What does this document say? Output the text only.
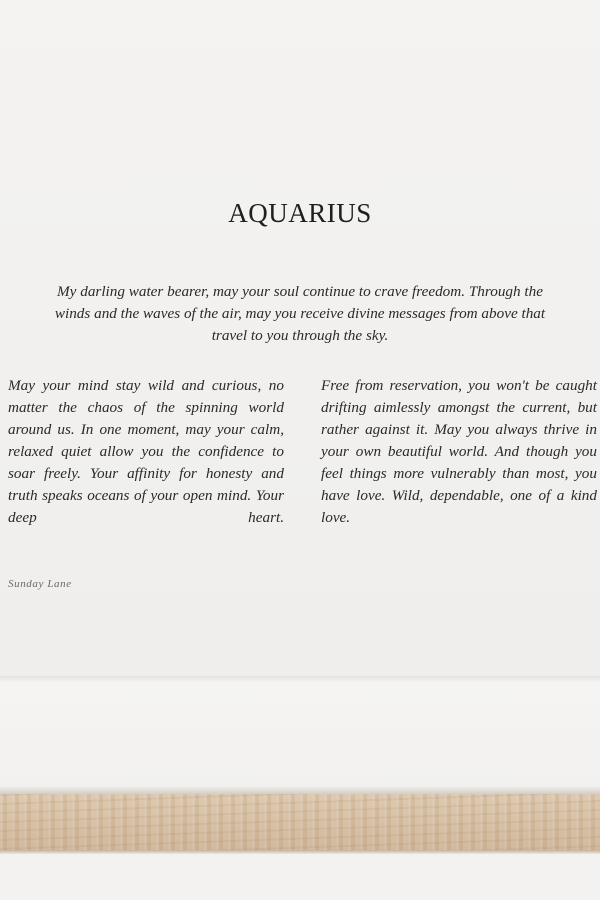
AQUARIUS

My darling water bearer, may your soul continue to crave freedom. Through the winds and the waves of the air, may you receive divine messages from above that travel to you through the sky.

May your mind stay wild and curious, no matter the chaos of the spinning world around us. In one moment, may your calm, relaxed quiet allow you the confidence to soar freely. Your affinity for honesty and truth speaks oceans of your open mind. Your deep heart.

Free from reservation, you won't be caught drifting aimlessly amongst the current, but rather against it. May you always thrive in your own beautiful world. And though you feel things more vulnerably than most, you have love. Wild, dependable, one of a kind love.

Sunday Lane
